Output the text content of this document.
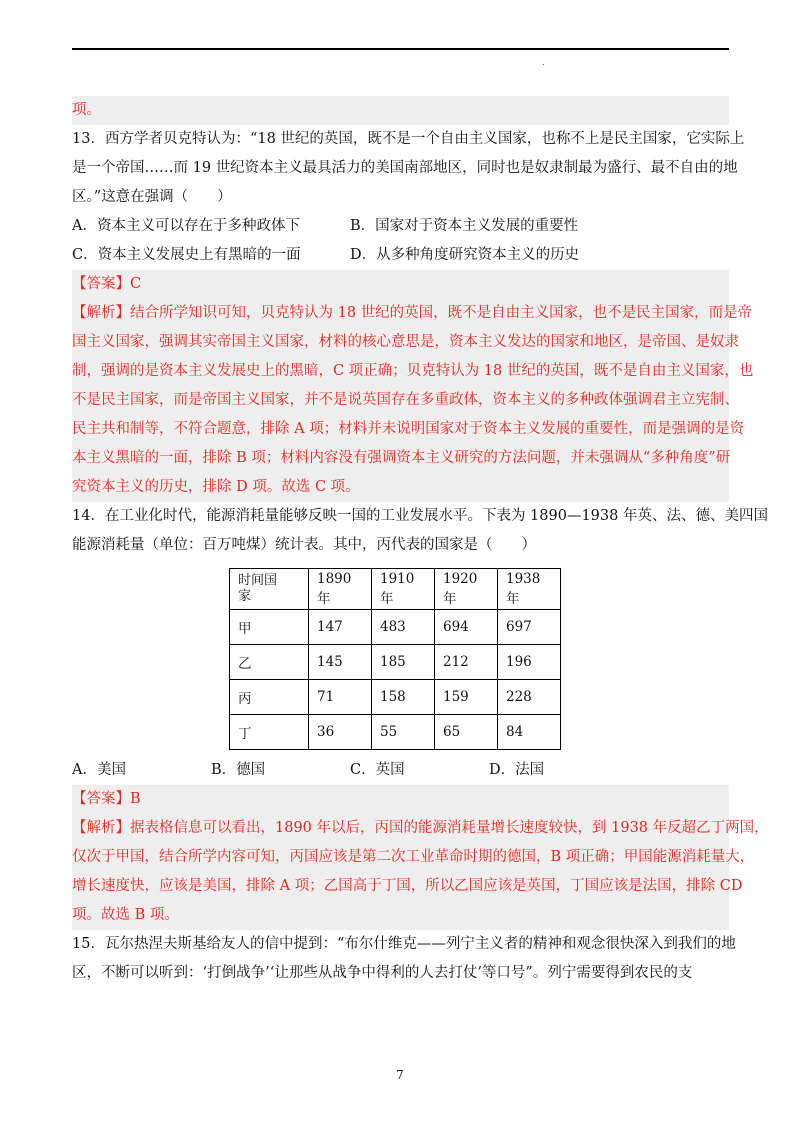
.
项。
13．西方学者贝克特认为：“18 世纪的英国，既不是一个自由主义国家，也称不上是民主国家，它实际上
是一个帝国……而 19 世纪资本主义最具活力的美国南部地区，同时也是奴隶制最为盛行、最不自由的地
区。”这意在强调（　　）
A．资本主义可以存在于多种政体下	B．国家对于资本主义发展的重要性
C．资本主义发展史上有黑暗的一面	D．从多种角度研究资本主义的历史
【答案】C
【解析】结合所学知识可知，贝克特认为 18 世纪的英国，既不是自由主义国家，也不是民主国家，而是帝
国主义国家，强调其实帝国主义国家，材料的核心意思是，资本主义发达的国家和地区，是帝国、是奴隶
制，强调的是资本主义发展史上的黑暗，C 项正确；贝克特认为 18 世纪的英国，既不是自由主义国家，也
不是民主国家，而是帝国主义国家，并不是说英国存在多重政体，资本主义的多种政体强调君主立宪制、
民主共和制等，不符合题意，排除 A 项；材料并未说明国家对于资本主义发展的重要性，而是强调的是资
本主义黑暗的一面，排除 B 项；材料内容没有强调资本主义研究的方法问题，并未强调从“多种角度”研
究资本主义的历史，排除 D 项。故选 C 项。
14．在工业化时代，能源消耗量能够反映一国的工业发展水平。下表为 1890—1938 年英、法、德、美四国
能源消耗量（单位：百万吨煤）统计表。其中，丙代表的国家是（　　）
时间国
家	1890 年	1910 年	1920 年	1938 年
甲	147	483	694	697
乙	145	185	212	196
丙	71	158	159	228
丁	36	55	65	84
A．美国	B．德国	C．英国	D．法国
【答案】B
【解析】据表格信息可以看出，1890 年以后，丙国的能源消耗量增长速度较快，到 1938 年反超乙丁两国，
仅次于甲国，结合所学内容可知，丙国应该是第二次工业革命时期的德国，B 项正确；甲国能源消耗量大，
增长速度快，应该是美国，排除 A 项；乙国高于丁国，所以乙国应该是英国，丁国应该是法国，排除 CD
项。故选 B 项。
15．瓦尔热涅夫斯基给友人的信中提到：“布尔什维克——列宁主义者的精神和观念很快深入到我们的地
区，不断可以听到：‘打倒战争’‘让那些从战争中得利的人去打仗’等口号”。列宁需要得到农民的支
7
